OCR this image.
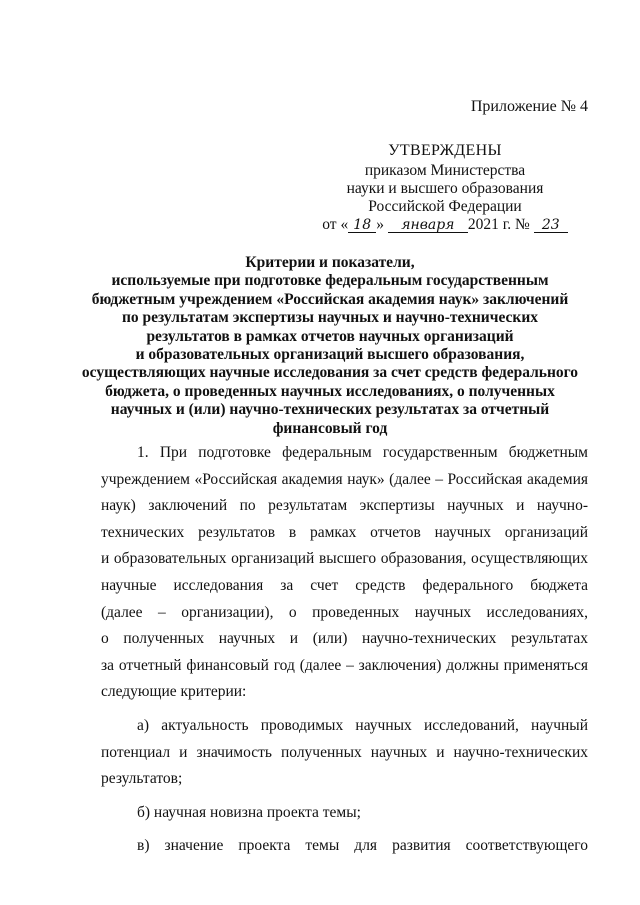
Приложение № 4
УТВЕРЖДЕНЫ
приказом Министерства
науки и высшего образования
Российской Федерации
от « 18 » января 2021 г. № 23
Критерии и показатели,
используемые при подготовке федеральным государственным
бюджетным учреждением «Российская академия наук» заключений
по результатам экспертизы научных и научно-технических
результатов в рамках отчетов научных организаций
и образовательных организаций высшего образования,
осуществляющих научные исследования за счет средств федерального
бюджета, о проведенных научных исследованиях, о полученных
научных и (или) научно-технических результатах за отчетный
финансовый год
1. При подготовке федеральным государственным бюджетным
учреждением «Российская академия наук» (далее – Российская академия
наук) заключений по результатам экспертизы научных и научно-
технических результатов в рамках отчетов научных организаций
и образовательных организаций высшего образования, осуществляющих
научные исследования за счет средств федерального бюджета
(далее – организации), о проведенных научных исследованиях,
о полученных научных и (или) научно-технических результатах
за отчетный финансовый год (далее – заключения) должны применяться
следующие критерии:
а) актуальность проводимых научных исследований, научный
потенциал и значимость полученных научных и научно-технических
результатов;
б) научная новизна проекта темы;
в) значение проекта темы для развития соответствующего
